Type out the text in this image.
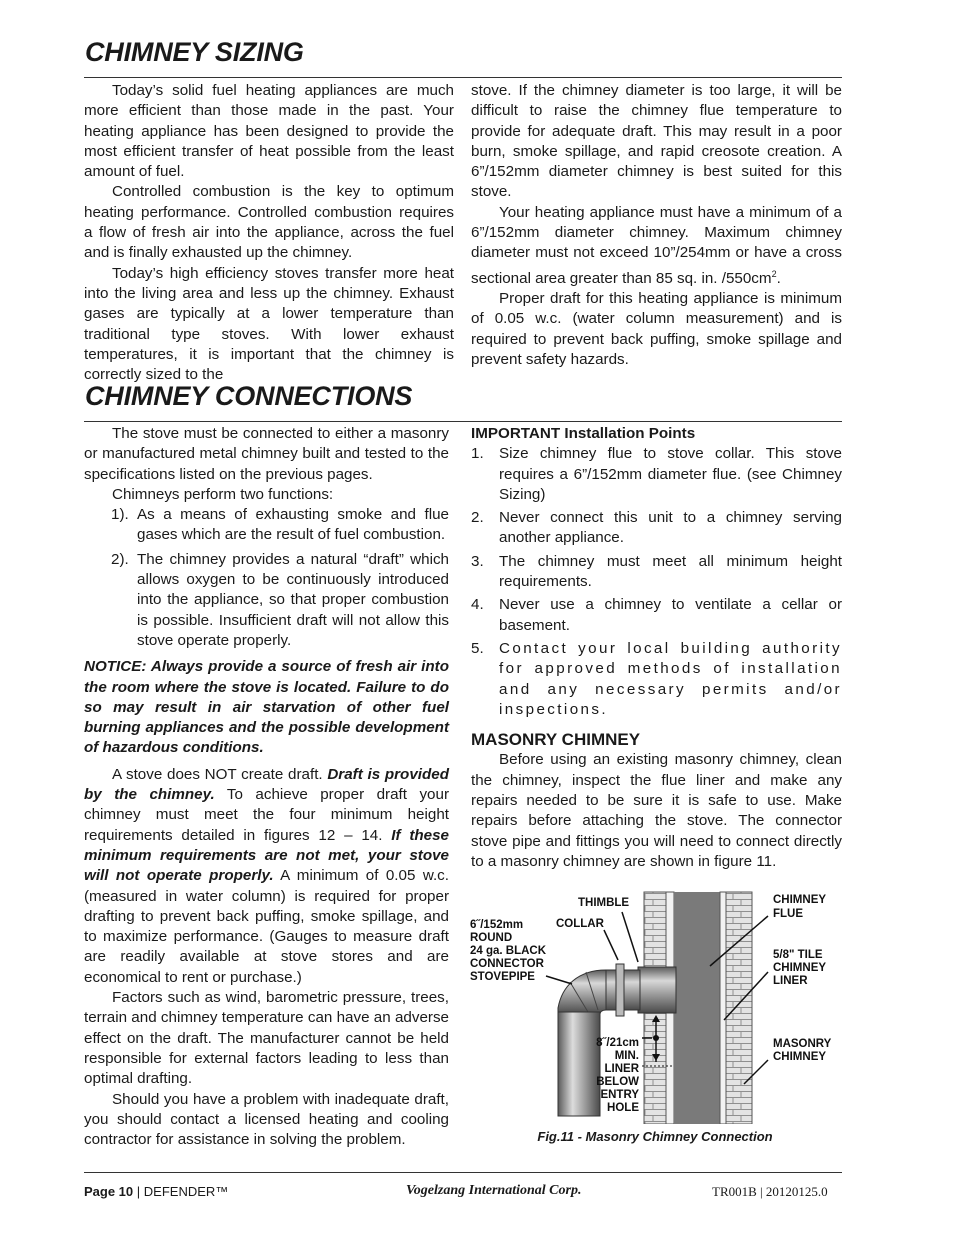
CHIMNEY SIZING

Today’s solid fuel heating appliances are much more efficient than those made in the past. Your heating appliance has been designed to provide the most efficient transfer of heat possible from the least amount of fuel.

Controlled combustion is the key to optimum heating performance. Controlled combustion requires a flow of fresh air into the appliance, across the fuel and is finally exhausted up the chimney.

Today’s high efficiency stoves transfer more heat into the living area and less up the chimney. Exhaust gases are typically at a lower temperature than traditional type stoves. With lower exhaust temperatures, it is important that the chimney is correctly sized to the

stove. If the chimney diameter is too large, it will be difficult to raise the chimney flue temperature to provide for adequate draft. This may result in a poor burn, smoke spillage, and rapid creosote creation. A 6”/152mm diameter chimney is best suited for this stove.

Your heating appliance must have a minimum of a 6”/152mm diameter chimney. Maximum chimney diameter must not exceed 10”/254mm or have a cross sectional area greater than 85 sq. in. $/550cm^2$.

Proper draft for this heating appliance is minimum of 0.05 w.c. (water column measurement) and is required to prevent back puffing, smoke spillage and prevent safety hazards.

CHIMNEY CONNECTIONS

The stove must be connected to either a masonry or manufactured metal chimney built and tested to the specifications listed on the previous pages.

Chimneys perform two functions:

1). As a means of exhausting smoke and flue gases which are the result of fuel combustion.
2). The chimney provides a natural “draft” which allows oxygen to be continuously introduced into the appliance, so that proper combustion is possible. Insufficient draft will not allow this stove operate properly.

NOTICE: Always provide a source of fresh air into the room where the stove is located. Failure to do so may result in air starvation of other fuel burning appliances and the possible development of hazardous conditions.

A stove does NOT create draft. Draft is provided by the chimney. To achieve proper draft your chimney must meet the four minimum height requirements detailed in figures 12 – 14. If these minimum requirements are not met, your stove will not operate properly. A minimum of 0.05 w.c. (measured in water column) is required for proper drafting to prevent back puffing, smoke spillage, and to maximize performance. (Gauges to measure draft are readily available at stove stores and are economical to rent or purchase.)

Factors such as wind, barometric pressure, trees, terrain and chimney temperature can have an adverse effect on the draft. The manufacturer cannot be held responsible for external factors leading to less than optimal drafting.

Should you have a problem with inadequate draft, you should contact a licensed heating and cooling contractor for assistance in solving the problem.

IMPORTANT Installation Points

1. Size chimney flue to stove collar. This stove requires a 6”/152mm diameter flue. (see Chimney Sizing)
2. Never connect this unit to a chimney serving another appliance.
3. The chimney must meet all minimum height requirements.
4. Never use a chimney to ventilate a cellar or basement.
5. Contact your local building authority for approved methods of installation and any necessary permits and/or inspections.

MASONRY CHIMNEY

Before using an existing masonry chimney, clean the chimney, inspect the flue liner and make any repairs needed to be sure it is safe to use. Make repairs before attaching the stove. The connector stove pipe and fittings you will need to connect directly to a masonry chimney are shown in figure 11.

THIMBLE
COLLAR
6˝/152mm
ROUND
24 ga. BLACK
CONNECTOR
STOVEPIPE
CHIMNEY
FLUE
5/8" TILE
CHIMNEY
LINER
MASONRY
CHIMNEY
8˝/21cm
MIN.
LINER
BELOW
ENTRY
HOLE
Fig.11 - Masonry Chimney Connection
Page 10 | DEFENDER™	Vogelzang International Corp.	TR001B | 20120125.0
